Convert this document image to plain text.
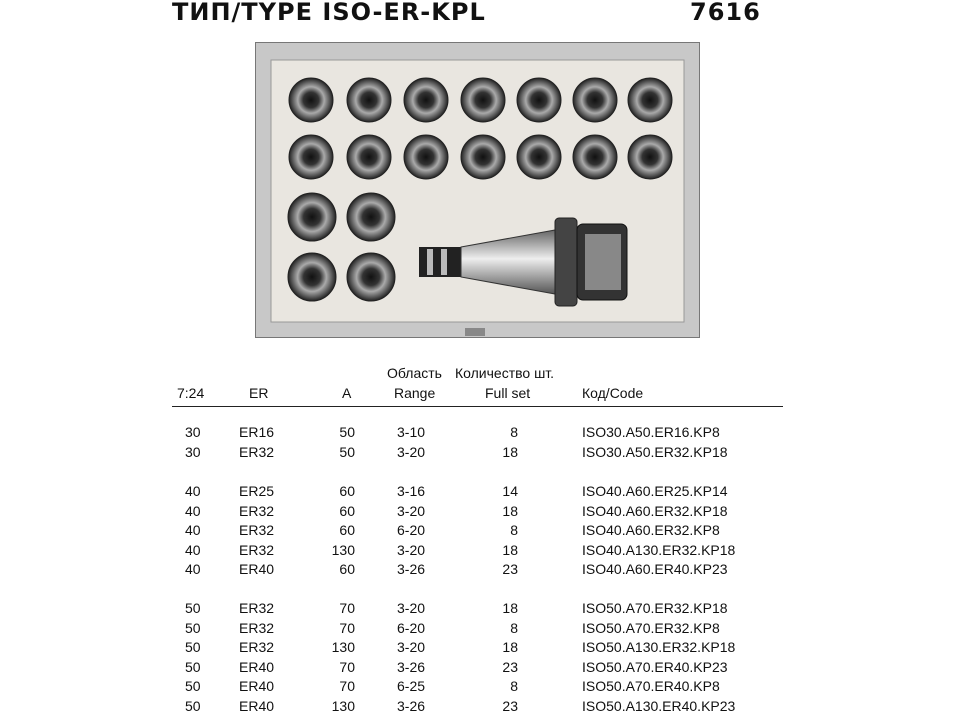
ТИП/TYPE ISO-ER-KPL	7616
Область Количество шт.
7:24	ER	A	Range	Full set	Код/Code
30	ER16	50	3-10	8	ISO30.A50.ER16.KP8
30	ER32	50	3-20	18	ISO30.A50.ER32.KP18
40	ER25	60	3-16	14	ISO40.A60.ER25.KP14
40	ER32	60	3-20	18	ISO40.A60.ER32.KP18
40	ER32	60	6-20	8	ISO40.A60.ER32.KP8
40	ER32	130	3-20	18	ISO40.A130.ER32.KP18
40	ER40	60	3-26	23	ISO40.A60.ER40.KP23
50	ER32	70	3-20	18	ISO50.A70.ER32.KP18
50	ER32	70	6-20	8	ISO50.A70.ER32.KP8
50	ER32	130	3-20	18	ISO50.A130.ER32.KP18
50	ER40	70	3-26	23	ISO50.A70.ER40.KP23
50	ER40	70	6-25	8	ISO50.A70.ER40.KP8
50	ER40	130	3-26	23	ISO50.A130.ER40.KP23
